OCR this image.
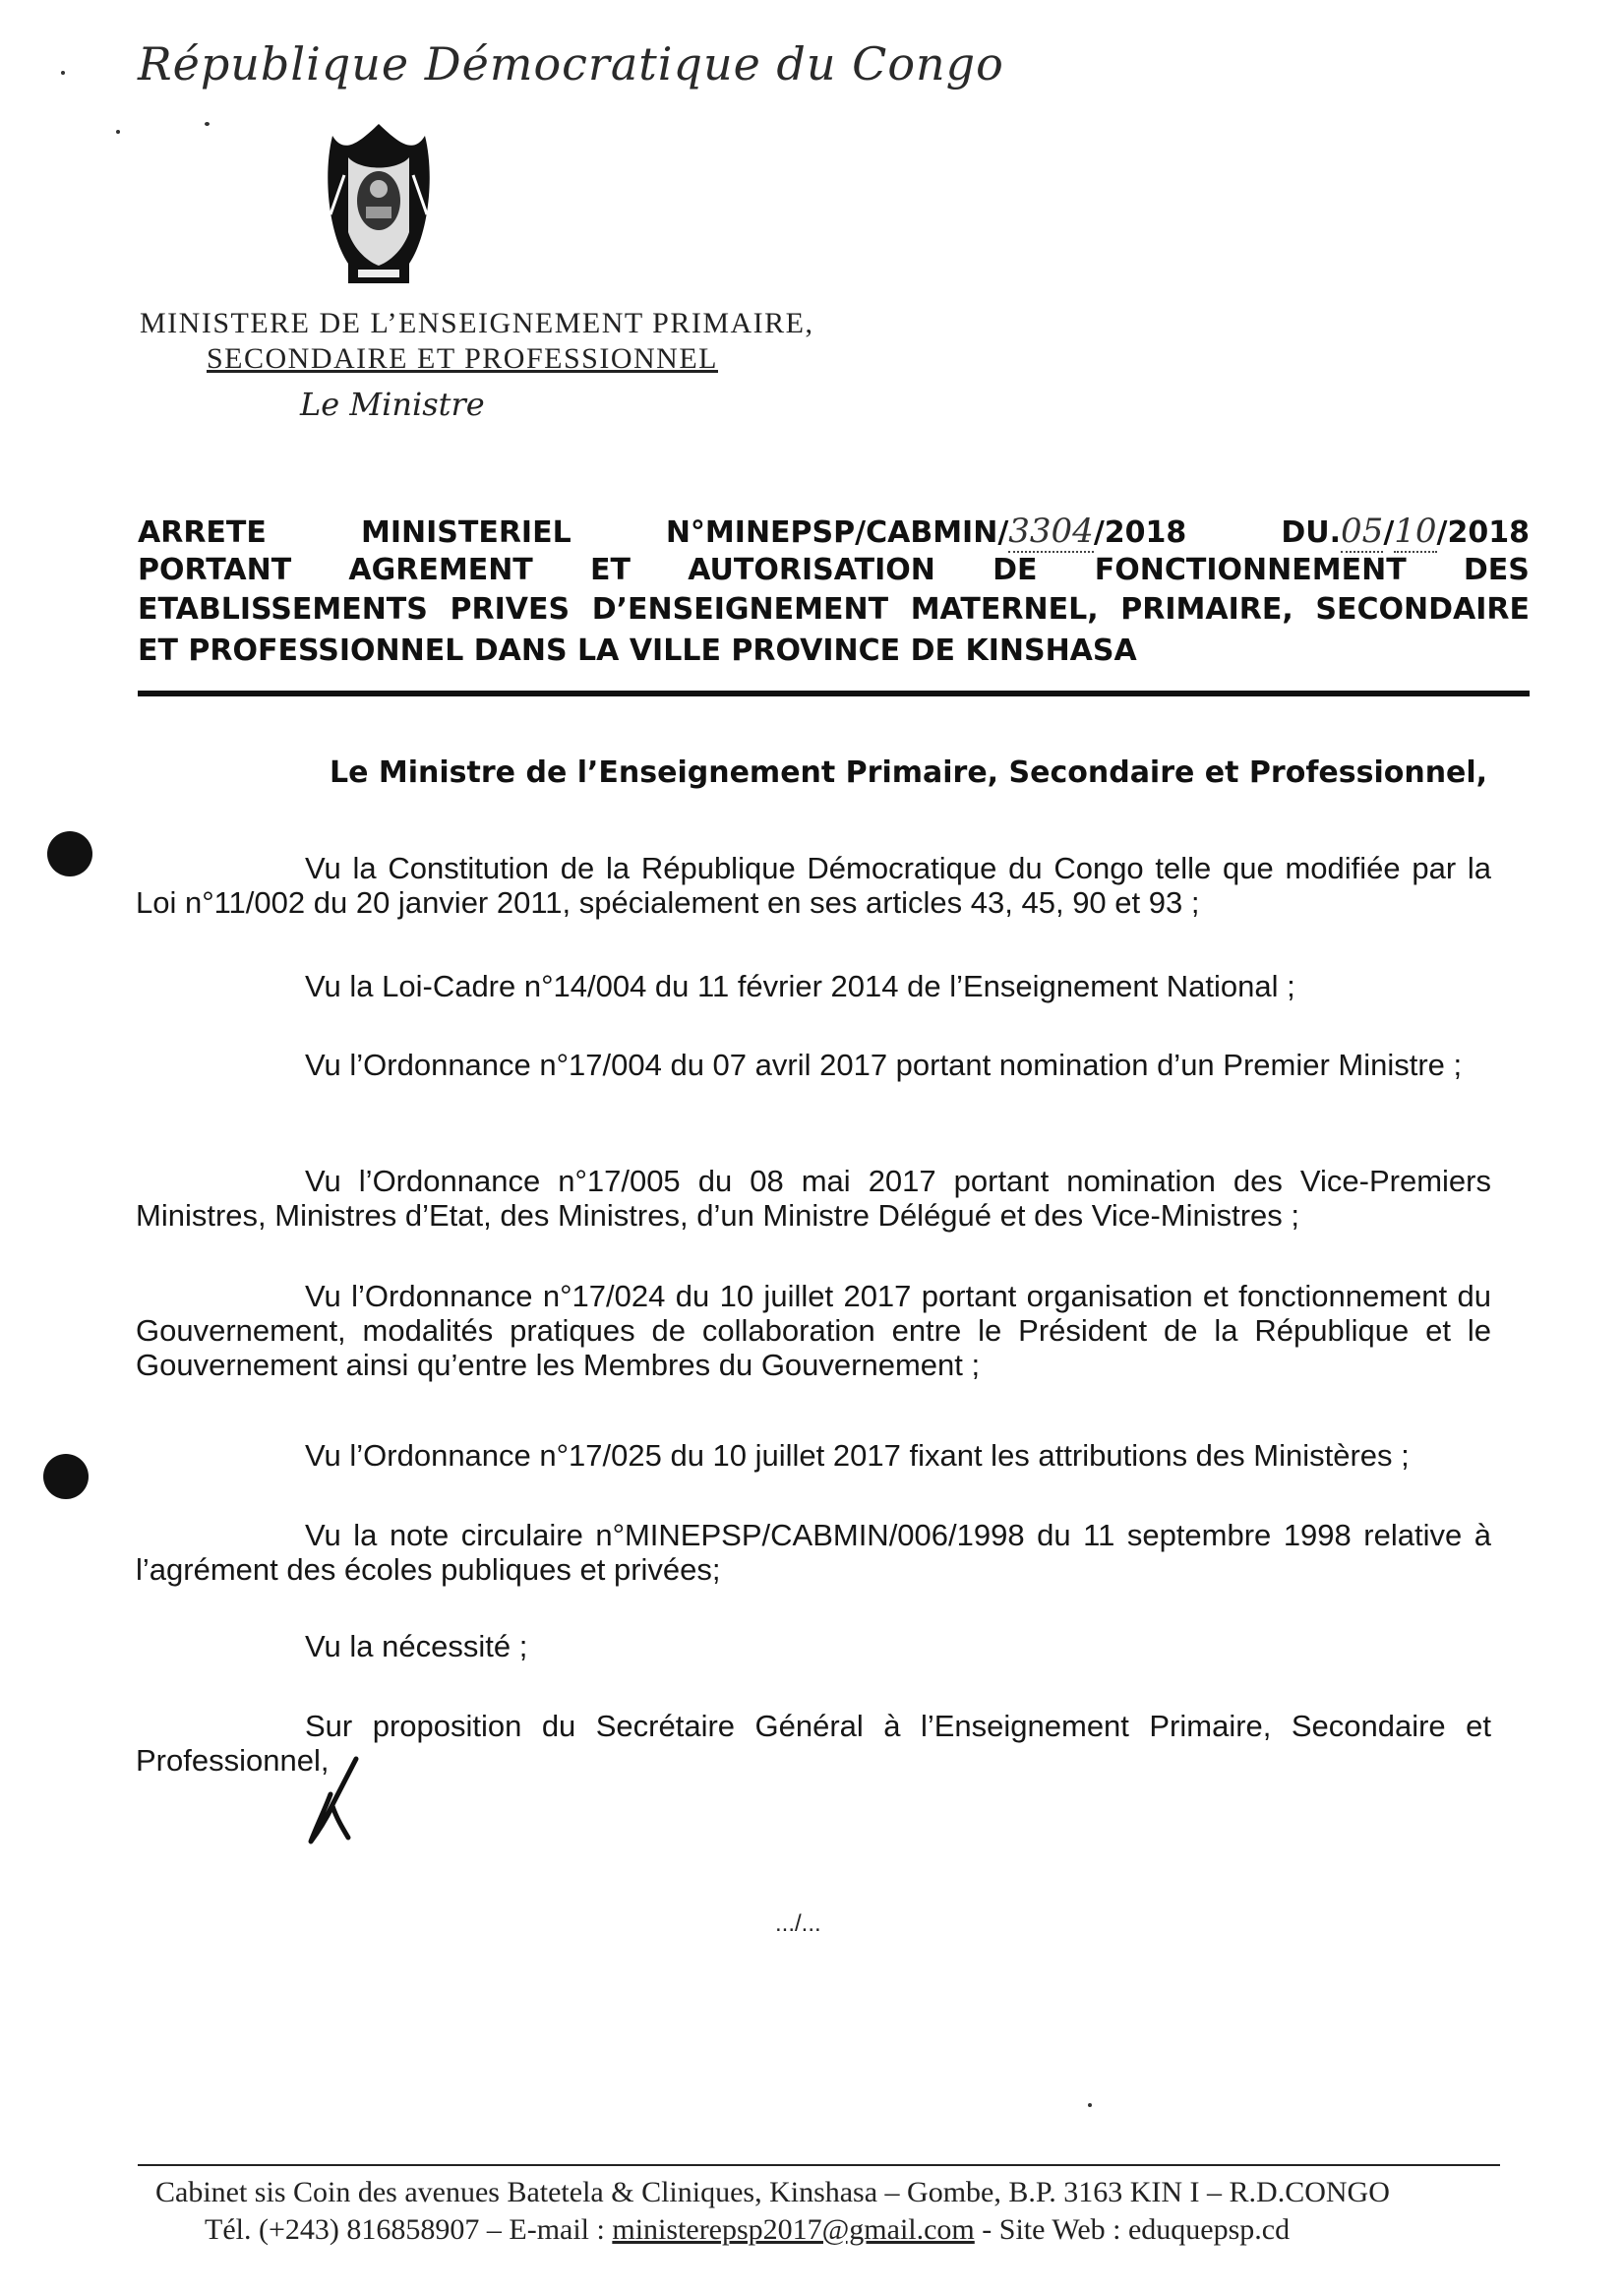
République Démocratique du Congo
MINISTERE DE L’ENSEIGNEMENT PRIMAIRE,
SECONDAIRE ET PROFESSIONNEL
Le Ministre
ARRETE	MINISTERIEL	N°MINEPSP/CABMIN/3304/2018	DU.05/10/2018
PORTANT AGREMENT ET AUTORISATION DE FONCTIONNEMENT DES
ETABLISSEMENTS PRIVES D’ENSEIGNEMENT MATERNEL, PRIMAIRE, SECONDAIRE
ET PROFESSIONNEL DANS LA VILLE PROVINCE DE KINSHASA
Le Ministre de l’Enseignement Primaire, Secondaire et Professionnel,

Vu la Constitution de la République Démocratique du Congo telle que modifiée par la Loi n°11/002 du 20 janvier 2011, spécialement en ses articles 43, 45, 90 et 93 ;

Vu la Loi-Cadre n°14/004 du 11 février 2014 de l’Enseignement National ;

Vu l’Ordonnance n°17/004 du 07 avril 2017 portant nomination d’un Premier Ministre ;

Vu l’Ordonnance n°17/005 du 08 mai 2017 portant nomination des Vice-Premiers Ministres, Ministres d’Etat, des Ministres, d’un Ministre Délégué et des Vice-Ministres ;

Vu l’Ordonnance n°17/024 du 10 juillet 2017 portant organisation et fonctionnement du Gouvernement, modalités pratiques de collaboration entre le Président de la République et le Gouvernement ainsi qu’entre les Membres du Gouvernement ;

Vu l’Ordonnance n°17/025 du 10 juillet 2017 fixant les attributions des Ministères ;

Vu la note circulaire n°MINEPSP/CABMIN/006/1998 du 11 septembre 1998 relative à l’agrément des écoles publiques et privées;

Vu la nécessité ;

Sur proposition du Secrétaire Général à l’Enseignement Primaire, Secondaire et Professionnel,

.../...
Cabinet sis Coin des avenues Batetela & Cliniques, Kinshasa – Gombe, B.P. 3163 KIN I – R.D.CONGO
Tél. (+243) 816858907 – E-mail : ministerepsp2017@gmail.com - Site Web : eduquepsp.cd
